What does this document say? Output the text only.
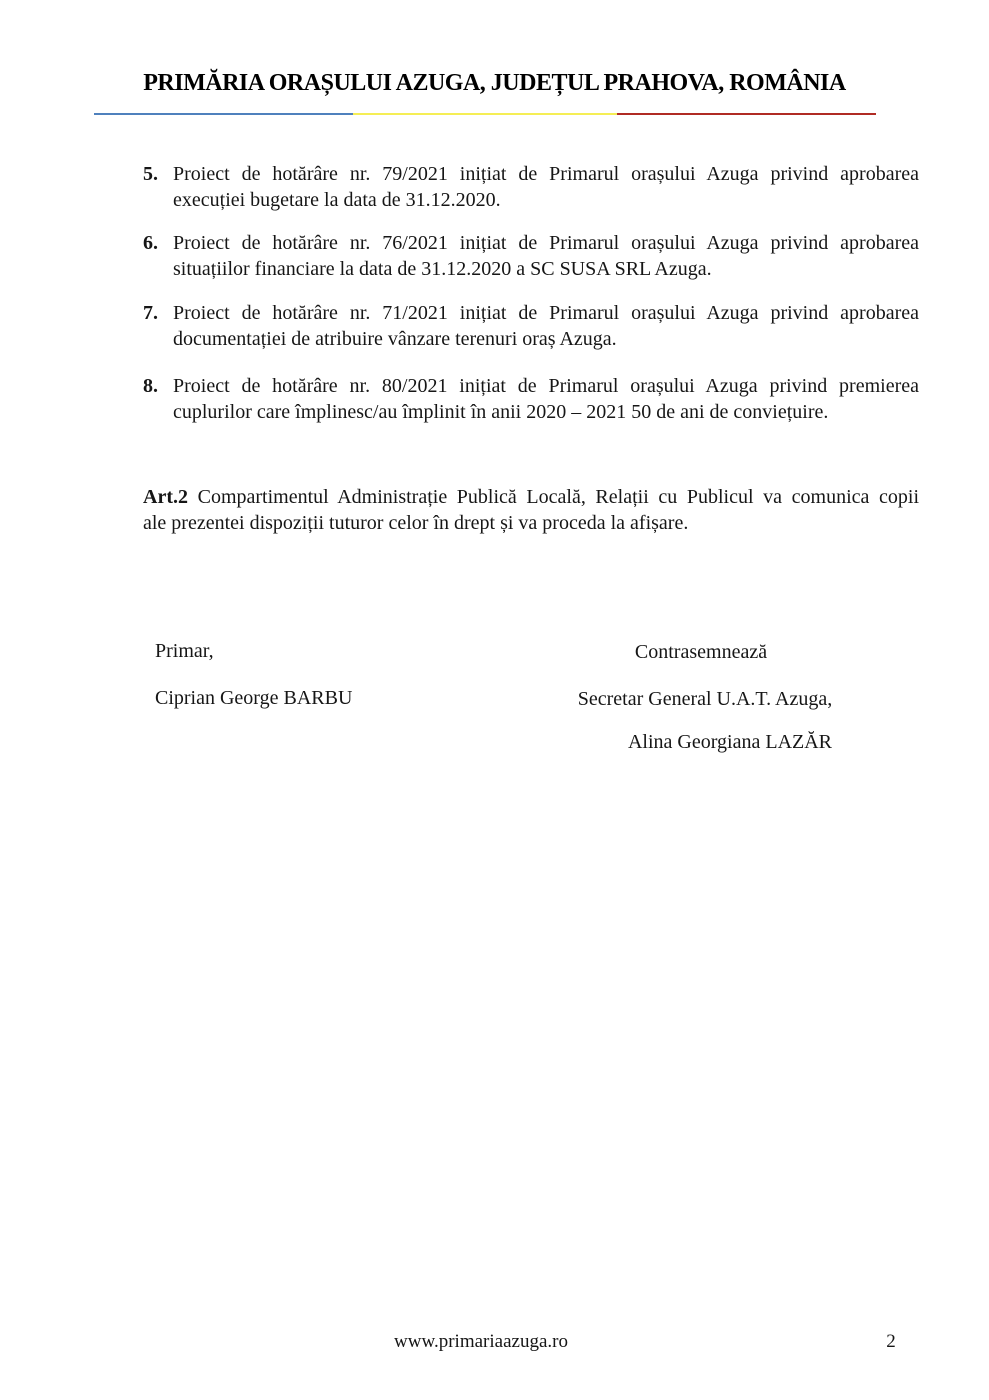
PRIMĂRIA ORAȘULUI AZUGA, JUDEȚUL PRAHOVA, ROMÂNIA
5. Proiect de hotărâre nr. 79/2021 inițiat de Primarul orașului Azuga privind aprobarea
execuției bugetare la data de 31.12.2020.
6. Proiect de hotărâre nr. 76/2021 inițiat de Primarul orașului Azuga privind aprobarea
situațiilor financiare la data de 31.12.2020 a SC SUSA SRL Azuga.
7. Proiect de hotărâre nr. 71/2021 inițiat de Primarul orașului Azuga privind aprobarea
documentației de atribuire vânzare terenuri oraș Azuga.
8. Proiect de hotărâre nr. 80/2021 inițiat de Primarul orașului Azuga privind premierea
cuplurilor care împlinesc/au împlinit în anii 2020 – 2021 50 de ani de conviețuire.
Art.2 Compartimentul Administrație Publică Locală, Relații cu Publicul va comunica copii
ale prezentei dispoziții tuturor celor în drept și va proceda la afișare.
Primar,
Ciprian George BARBU
Contrasemnează
Secretar General U.A.T. Azuga,
Alina Georgiana LAZĂR
www.primariaazuga.ro	2
